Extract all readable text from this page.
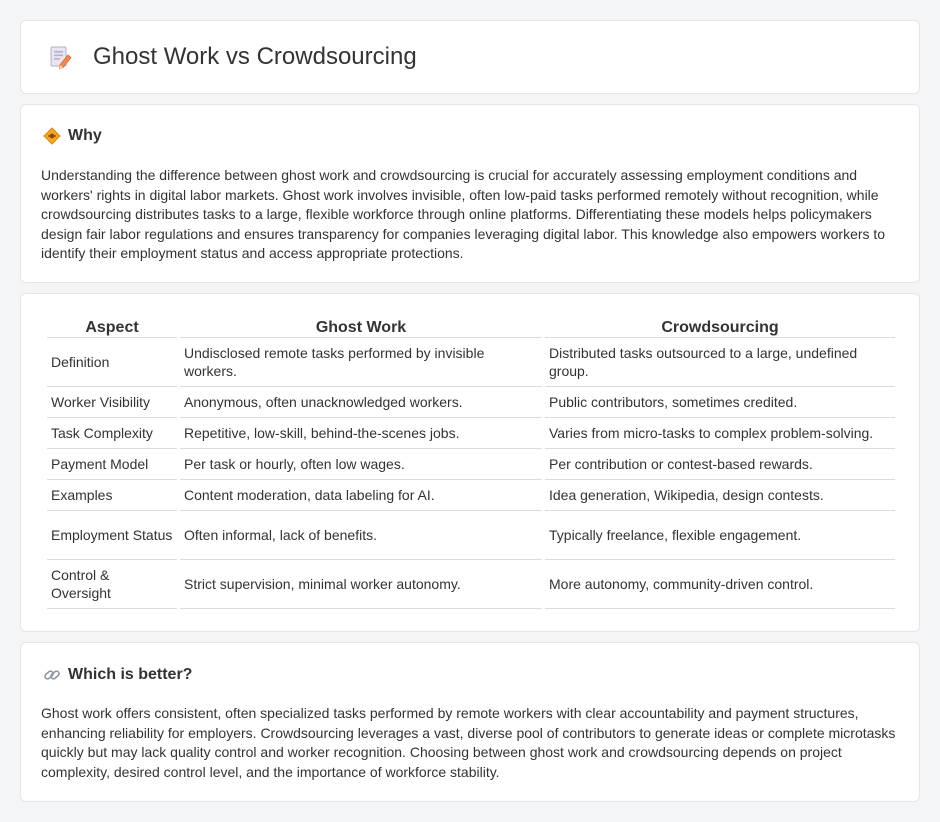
Ghost Work vs Crowdsourcing
Why

Understanding the difference between ghost work and crowdsourcing is crucial for accurately assessing employment conditions and workers' rights in digital labor markets. Ghost work involves invisible, often low-paid tasks performed remotely without recognition, while crowdsourcing distributes tasks to a large, flexible workforce through online platforms. Differentiating these models helps policymakers design fair labor regulations and ensures transparency for companies leveraging digital labor. This knowledge also empowers workers to identify their employment status and access appropriate protections.

Aspect	Ghost Work	Crowdsourcing
Definition	Undisclosed remote tasks performed by invisible workers.	Distributed tasks outsourced to a large, undefined group.
Worker Visibility	Anonymous, often unacknowledged workers.	Public contributors, sometimes credited.
Task Complexity	Repetitive, low-skill, behind-the-scenes jobs.	Varies from micro-tasks to complex problem-solving.
Payment Model	Per task or hourly, often low wages.	Per contribution or contest-based rewards.
Examples	Content moderation, data labeling for AI.	Idea generation, Wikipedia, design contests.
Employment Status	Often informal, lack of benefits.	Typically freelance, flexible engagement.
Control & Oversight	Strict supervision, minimal worker autonomy.	More autonomy, community-driven control.
Which is better?

Ghost work offers consistent, often specialized tasks performed by remote workers with clear accountability and payment structures, enhancing reliability for employers. Crowdsourcing leverages a vast, diverse pool of contributors to generate ideas or complete microtasks quickly but may lack quality control and worker recognition. Choosing between ghost work and crowdsourcing depends on project complexity, desired control level, and the importance of workforce stability.
